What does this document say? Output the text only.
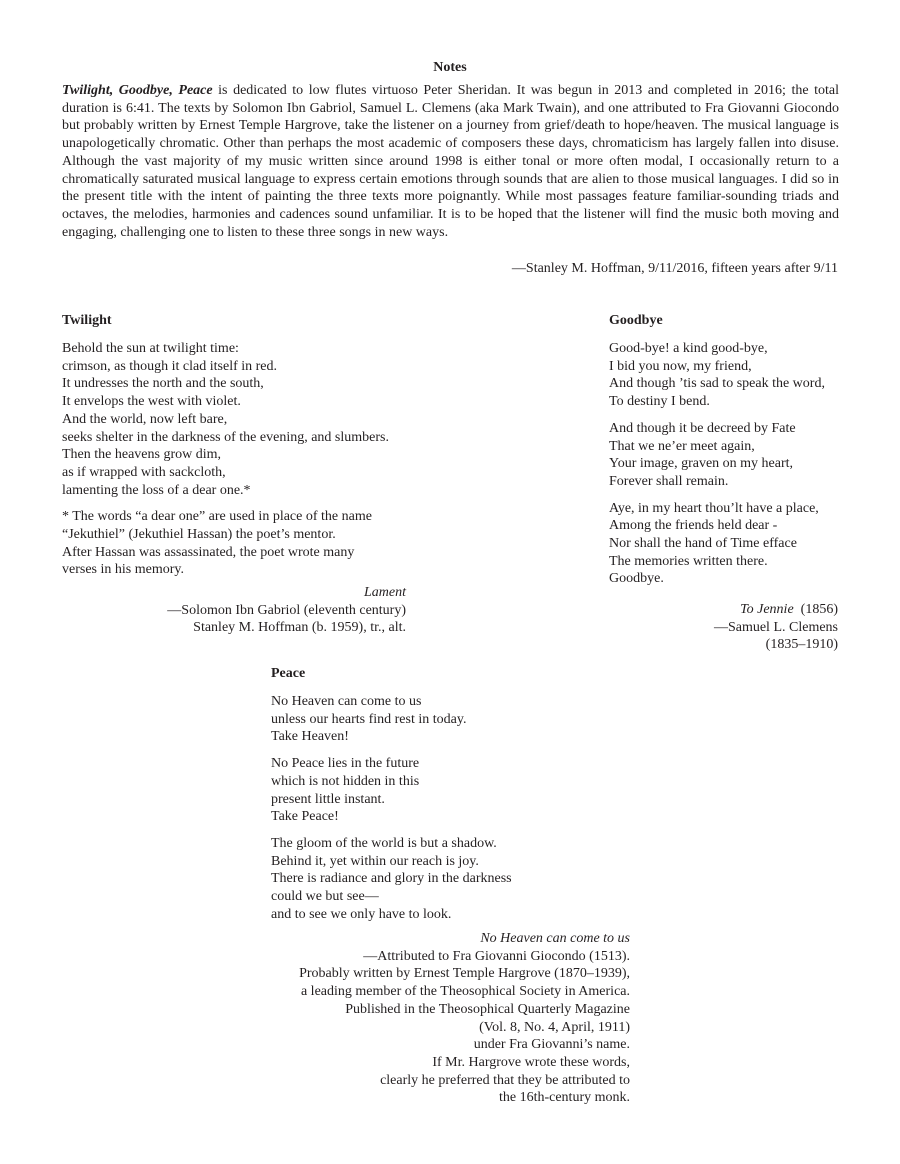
Notes

Twilight, Goodbye, Peace is dedicated to low flutes virtuoso Peter Sheridan. It was begun in 2013 and completed in 2016; the total duration is 6:41. The texts by Solomon Ibn Gabriol, Samuel L. Clemens (aka Mark Twain), and one attributed to Fra Giovanni Giocondo but probably written by Ernest Temple Hargrove, take the listener on a journey from grief/death to hope/heaven. The musical language is unapologetically chromatic. Other than perhaps the most academic of composers these days, chromaticism has largely fallen into disuse. Although the vast majority of my music written since around 1998 is either tonal or more often modal, I occasionally return to a chromatically saturated musical language to express certain emotions through sounds that are alien to those musical languages. I did so in the present title with the intent of painting the three texts more poignantly. While most passages feature familiar-sounding triads and octaves, the melodies, harmonies and cadences sound unfamiliar. It is to be hoped that the listener will find the music both moving and engaging, challenging one to listen to these three songs in new ways.

—Stanley M. Hoffman, 9/11/2016, fifteen years after 9/11

Twilight
Behold the sun at twilight time:
crimson, as though it clad itself in red.
It undresses the north and the south,
It envelops the west with violet.
And the world, now left bare,
seeks shelter in the darkness of the evening, and slumbers.
Then the heavens grow dim,
as if wrapped with sackcloth,
lamenting the loss of a dear one.*
* The words “a dear one” are used in place of the name
“Jekuthiel” (Jekuthiel Hassan) the poet’s mentor.
After Hassan was assassinated, the poet wrote many
verses in his memory.
Lament
—Solomon Ibn Gabriol (eleventh century)
Stanley M. Hoffman (b. 1959), tr., alt.
Goodbye
Good-bye! a kind good-bye,
I bid you now, my friend,
And though ’tis sad to speak the word,
To destiny I bend.
And though it be decreed by Fate
That we ne’er meet again,
Your image, graven on my heart,
Forever shall remain.
Aye, in my heart thou’lt have a place,
Among the friends held dear -
Nor shall the hand of Time efface
The memories written there.
Goodbye.
To Jennie (1856)
—Samuel L. Clemens
(1835–1910)
Peace
No Heaven can come to us
unless our hearts find rest in today.
Take Heaven!
No Peace lies in the future
which is not hidden in this
present little instant.
Take Peace!
The gloom of the world is but a shadow.
Behind it, yet within our reach is joy.
There is radiance and glory in the darkness
could we but see—
and to see we only have to look.
No Heaven can come to us
—Attributed to Fra Giovanni Giocondo (1513).
Probably written by Ernest Temple Hargrove (1870–1939),
a leading member of the Theosophical Society in America.
Published in the Theosophical Quarterly Magazine
(Vol. 8, No. 4, April, 1911)
under Fra Giovanni’s name.
If Mr. Hargrove wrote these words,
clearly he preferred that they be attributed to
the 16th-century monk.
